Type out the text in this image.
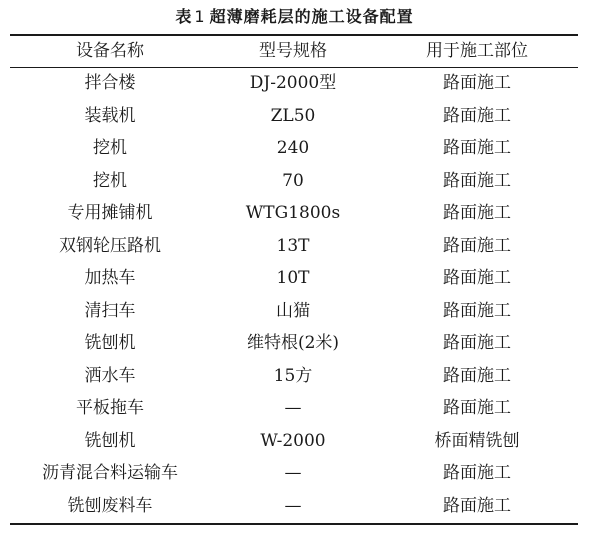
表 1 超薄磨耗层的施工设备配置
设备名称	型号规格	用于施工部位
拌合楼	DJ-2000型	路面施工
装载机	ZL50	路面施工
挖机	240	路面施工
挖机	70	路面施工
专用摊铺机	WTG1800s	路面施工
双钢轮压路机	13T	路面施工
加热车	10T	路面施工
清扫车	山猫	路面施工
铣刨机	维特根(2米)	路面施工
洒水车	15方	路面施工
平板拖车	—	路面施工
铣刨机	W-2000	桥面精铣刨
沥青混合料运输车	—	路面施工
铣刨废料车	—	路面施工
